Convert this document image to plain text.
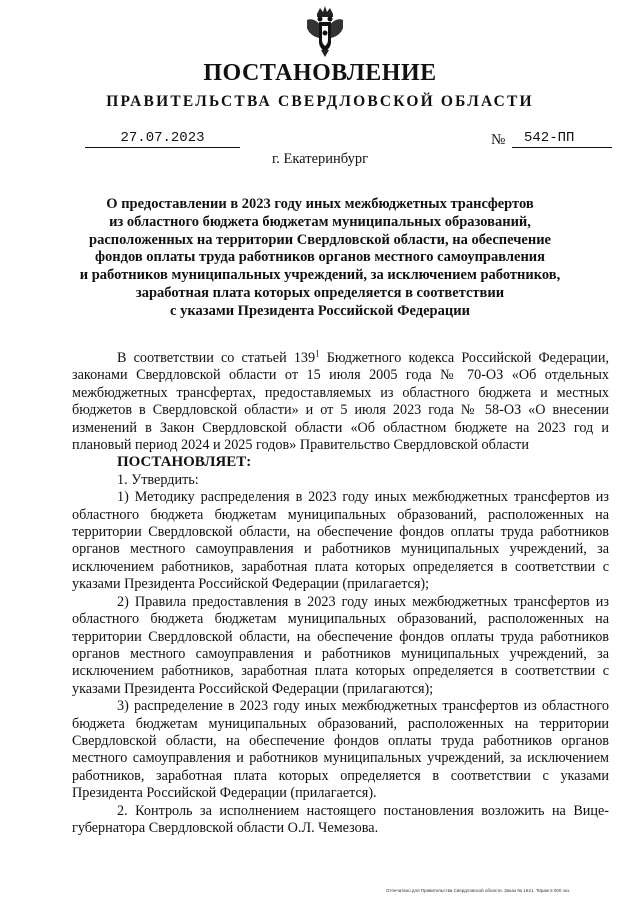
ПОСТАНОВЛЕНИЕ
ПРАВИТЕЛЬСТВА СВЕРДЛОВСКОЙ ОБЛАСТИ
27.07.2023	№	542-ПП
г. Екатеринбург
О предоставлении в 2023 году иных межбюджетных трансфертов
из областного бюджета бюджетам муниципальных образований,
расположенных на территории Свердловской области, на обеспечение
фондов оплаты труда работников органов местного самоуправления
и работников муниципальных учреждений, за исключением работников,
заработная плата которых определяется в соответствии
с указами Президента Российской Федерации

В соответствии со статьей $139^1$ Бюджетного кодекса Российской Федерации, законами Свердловской области от 15 июля 2005 года № 70-ОЗ «Об отдельных межбюджетных трансфертах, предоставляемых из областного бюджета и местных бюджетов в Свердловской области» и от 5 июля 2023 года № 58-ОЗ «О внесении изменений в Закон Свердловской области «Об областном бюджете на 2023 год и плановый период 2024 и 2025 годов» Правительство Свердловской области

ПОСТАНОВЛЯЕТ:

1. Утвердить:

1) Методику распределения в 2023 году иных межбюджетных трансфертов из областного бюджета бюджетам муниципальных образований, расположенных на территории Свердловской области, на обеспечение фондов оплаты труда работников органов местного самоуправления и работников муниципальных учреждений, за исключением работников, заработная плата которых определяется в соответствии с указами Президента Российской Федерации (прилагается);

2) Правила предоставления в 2023 году иных межбюджетных трансфертов из областного бюджета бюджетам муниципальных образований, расположенных на территории Свердловской области, на обеспечение фондов оплаты труда работников органов местного самоуправления и работников муниципальных учреждений, за исключением работников, заработная плата которых определяется в соответствии с указами Президента Российской Федерации (прилагаются);

3) распределение в 2023 году иных межбюджетных трансфертов из областного бюджета бюджетам муниципальных образований, расположенных на территории Свердловской области, на обеспечение фондов оплаты труда работников органов местного самоуправления и работников муниципальных учреждений, за исключением работников, заработная плата которых определяется в соответствии с указами Президента Российской Федерации (прилагается).

2. Контроль за исполнением настоящего постановления возложить на Вице-губернатора Свердловской области О.Л. Чемезова.

Отпечатано для Правительства Свердловской области. Заказ № 1621. Тираж 5 000 экз.
